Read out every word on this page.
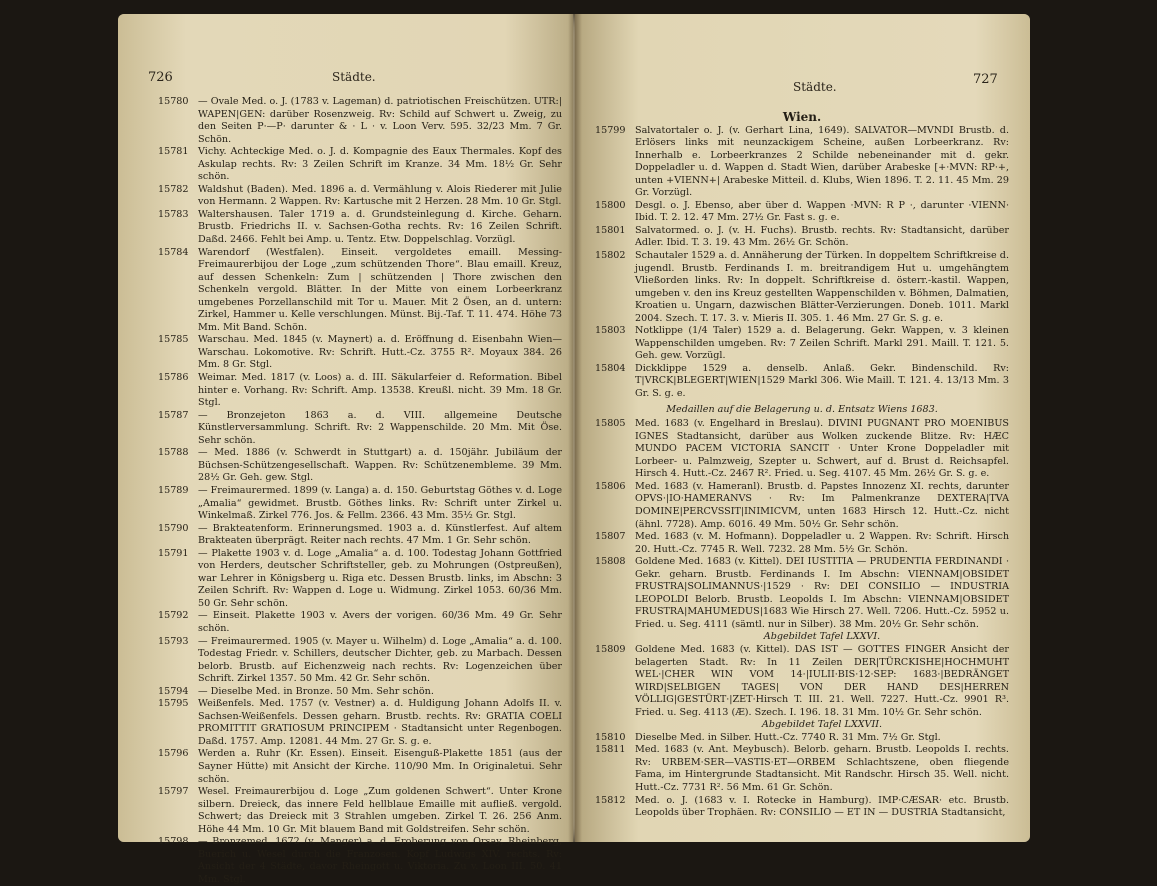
726	Städte.
15780 — Ovale Med. o. J. (1783 v. Lageman) d. patriotischen Freischützen. UTR:| WAPEN|GEN: darüber Rosenzweig. Rv: Schild auf Schwert u. Zweig, zu den Seiten P·—P· darunter & · L · v. Loon Verv. 595. 32/23 Mm. 7 Gr. Schön.
15781 Vichy. Achteckige Med. o. J. d. Kompagnie des Eaux Thermales. Kopf des Askulap rechts. Rv: 3 Zeilen Schrift im Kranze. 34 Mm. 18½ Gr. Sehr schön.
15782 Waldshut (Baden). Med. 1896 a. d. Vermählung v. Alois Riederer mit Julie von Hermann. 2 Wappen. Rv: Kartusche mit 2 Herzen. 28 Mm. 10 Gr. Stgl.
15783 Waltershausen. Taler 1719 a. d. Grundsteinlegung d. Kirche. Geharn. Brustb. Friedrichs II. v. Sachsen-Gotha rechts. Rv: 16 Zeilen Schrift. Daßd. 2466. Fehlt bei Amp. u. Tentz. Etw. Doppelschlag. Vorzügl.
15784 Warendorf (Westfalen). Einseit. vergoldetes emaill. Messing-Freimaurerbijou der Loge „zum schützenden Thore“. Blau emaill. Kreuz, auf dessen Schenkeln: Zum | schützenden | Thore zwischen den Schenkeln vergold. Blätter. In der Mitte von einem Lorbeerkranz umgebenes Porzellanschild mit Tor u. Mauer. Mit 2 Ösen, an d. untern: Zirkel, Hammer u. Kelle verschlungen. Münst. Bij.-Taf. T. 11. 474. Höhe 73 Mm. Mit Band. Schön.
15785 Warschau. Med. 1845 (v. Maynert) a. d. Eröffnung d. Eisenbahn Wien—Warschau. Lokomotive. Rv: Schrift. Hutt.-Cz. 3755 R². Moyaux 384. 26 Mm. 8 Gr. Stgl.
15786 Weimar. Med. 1817 (v. Loos) a. d. III. Säkularfeier d. Reformation. Bibel hinter e. Vorhang. Rv: Schrift. Amp. 13538. Kreußl. nicht. 39 Mm. 18 Gr. Stgl.
15787 — Bronzejeton 1863 a. d. VIII. allgemeine Deutsche Künstlerversammlung. Schrift. Rv: 2 Wappenschilde. 20 Mm. Mit Öse. Sehr schön.
15788 — Med. 1886 (v. Schwerdt in Stuttgart) a. d. 150jähr. Jubiläum der Büchsen-Schützengesellschaft. Wappen. Rv: Schützenembleme. 39 Mm. 28½ Gr. Geh. gew. Stgl.
15789 — Freimaurermed. 1899 (v. Langa) a. d. 150. Geburtstag Göthes v. d. Loge „Amalia“ gewidmet. Brustb. Göthes links. Rv: Schrift unter Zirkel u. Winkelmaß. Zirkel 776. Jos. & Fellm. 2366. 43 Mm. 35½ Gr. Stgl.
15790 — Brakteatenform. Erinnerungsmed. 1903 a. d. Künstlerfest. Auf altem Brakteaten überprägt. Reiter nach rechts. 47 Mm. 1 Gr. Sehr schön.
15791 — Plakette 1903 v. d. Loge „Amalia“ a. d. 100. Todestag Johann Gottfried von Herders, deutscher Schriftsteller, geb. zu Mohrungen (Ostpreußen), war Lehrer in Königsberg u. Riga etc. Dessen Brustb. links, im Abschn: 3 Zeilen Schrift. Rv: Wappen d. Loge u. Widmung. Zirkel 1053. 60/36 Mm. 50 Gr. Sehr schön.
15792 — Einseit. Plakette 1903 v. Avers der vorigen. 60/36 Mm. 49 Gr. Sehr schön.
15793 — Freimaurermed. 1905 (v. Mayer u. Wilhelm) d. Loge „Amalia“ a. d. 100. Todestag Friedr. v. Schillers, deutscher Dichter, geb. zu Marbach. Dessen belorb. Brustb. auf Eichenzweig nach rechts. Rv: Logenzeichen über Schrift. Zirkel 1357. 50 Mm. 42 Gr. Sehr schön.
15794 — Dieselbe Med. in Bronze. 50 Mm. Sehr schön.
15795 Weißenfels. Med. 1757 (v. Vestner) a. d. Huldigung Johann Adolfs II. v. Sachsen-Weißenfels. Dessen geharn. Brustb. rechts. Rv: GRATIA COELI PROMITTIT GRATIOSUM PRINCIPEM · Stadtansicht unter Regenbogen. Daßd. 1757. Amp. 12081. 44 Mm. 27 Gr. S. g. e.
15796 Werden a. Ruhr (Kr. Essen). Einseit. Eisenguß-Plakette 1851 (aus der Sayner Hütte) mit Ansicht der Kirche. 110/90 Mm. In Originaletui. Sehr schön.
15797 Wesel. Freimaurerbijou d. Loge „Zum goldenen Schwert“. Unter Krone silbern. Dreieck, das innere Feld hellblaue Emaille mit aufließ. vergold. Schwert; das Dreieck mit 3 Strahlen umgeben. Zirkel T. 26. 256 Anm. Höhe 44 Mm. 10 Gr. Mit blauem Band mit Goldstreifen. Sehr schön.
15798 — Bronzemed. 1672 (v. Manger) a. d. Eroberung von Orsay, Rheinberg, Buerich u. Wesel durch die Franzosen. Kopf Ludwigs XIV. rechts. Rv: Ansicht der 4 Städte, davor Rheingott u. Viktoria. Zu v. Loon III. 50. 41 Mm. Stgl.
Städte.	727
Wien.
15799 Salvatortaler o. J. (v. Gerhart Lina, 1649). SALVATOR—MVNDI Brustb. d. Erlösers links mit neunzackigem Scheine, außen Lorbeerkranz. Rv: Innerhalb e. Lorbeerkranzes 2 Schilde nebeneinander mit d. gekr. Doppeladler u. d. Wappen d. Stadt Wien, darüber Arabeske [+·MVN: RP·+, unten +VIENN+| Arabeske Mitteil. d. Klubs, Wien 1896. T. 2. 11. 45 Mm. 29 Gr. Vorzügl.
15800 Desgl. o. J. Ebenso, aber über d. Wappen ·MVN: R P ·, darunter ·VIENN· Ibid. T. 2. 12. 47 Mm. 27½ Gr. Fast s. g. e.
15801 Salvatormed. o. J. (v. H. Fuchs). Brustb. rechts. Rv: Stadtansicht, darüber Adler. Ibid. T. 3. 19. 43 Mm. 26½ Gr. Schön.
15802 Schautaler 1529 a. d. Annäherung der Türken. In doppeltem Schriftkreise d. jugendl. Brustb. Ferdinands I. m. breitrandigem Hut u. umgehängtem Vließorden links. Rv: In doppelt. Schriftkreise d. österr.-kastil. Wappen, umgeben v. den ins Kreuz gestellten Wappenschilden v. Böhmen, Dalmatien, Kroatien u. Ungarn, dazwischen Blätter-Verzierungen. Doneb. 1011. Markl 2004. Szech. T. 17. 3. v. Mieris II. 305. 1. 46 Mm. 27 Gr. S. g. e.
15803 Notklippe (1/4 Taler) 1529 a. d. Belagerung. Gekr. Wappen, v. 3 kleinen Wappenschilden umgeben. Rv: 7 Zeilen Schrift. Markl 291. Maill. T. 121. 5. Geh. gew. Vorzügl.
15804 Dickklippe 1529 a. denselb. Anlaß. Gekr. Bindenschild. Rv: T|VRCK|BLEGERT|WIEN|1529 Markl 306. Wie Maill. T. 121. 4. 13/13 Mm. 3 Gr. S. g. e.
Medaillen auf die Belagerung u. d. Entsatz Wiens 1683.
15805 Med. 1683 (v. Engelhard in Breslau). DIVINI PUGNANT PRO MOENIBUS IGNES Stadtansicht, darüber aus Wolken zuckende Blitze. Rv: HÆC MUNDO PACEM VICTORIA SANCIT · Unter Krone Doppeladler mit Lorbeer- u. Palmzweig, Szepter u. Schwert, auf d. Brust d. Reichsapfel. Hirsch 4. Hutt.-Cz. 2467 R². Fried. u. Seg. 4107. 45 Mm. 26½ Gr. S. g. e.
15806 Med. 1683 (v. Hameranl). Brustb. d. Papstes Innozenz XI. rechts, darunter OPVS·|IO·HAMERANVS · Rv: Im Palmenkranze DEXTERA|TVA DOMINE|PERCVSSIT|INIMICVM, unten 1683 Hirsch 12. Hutt.-Cz. nicht (ähnl. 7728). Amp. 6016. 49 Mm. 50½ Gr. Sehr schön.
15807 Med. 1683 (v. M. Hofmann). Doppeladler u. 2 Wappen. Rv: Schrift. Hirsch 20. Hutt.-Cz. 7745 R. Well. 7232. 28 Mm. 5½ Gr. Schön.
15808 Goldene Med. 1683 (v. Kittel). DEI IUSTITIA — PRUDENTIA FERDINANDI · Gekr. geharn. Brustb. Ferdinands I. Im Abschn: VIENNAM|OBSIDET FRUSTRA|SOLIMANNUS·|1529 · Rv: DEI CONSILIO — INDUSTRIA LEOPOLDI Belorb. Brustb. Leopolds I. Im Abschn: VIENNAM|OBSIDET FRUSTRA|MAHUMEDUS|1683 Wie Hirsch 27. Well. 7206. Hutt.-Cz. 5952 u. Fried. u. Seg. 4111 (sämtl. nur in Silber). 38 Mm. 20½ Gr. Sehr schön.
Abgebildet Tafel LXXVI.
15809 Goldene Med. 1683 (v. Kittel). DAS IST — GOTTES FINGER Ansicht der belagerten Stadt. Rv: In 11 Zeilen DER|TÜRCKISHE|HOCHMUHT WEL·|CHER WIN VOM 14·|IULII·BIS·12·SEP: 1683·|BEDRÄNGET WIRD|SELBIGEN TAGES| VON DER HAND DES|HERREN VÖLLIG|GESTÜRT·|ZET·Hirsch T. III. 21. Well. 7227. Hutt.-Cz. 9901 R³. Fried. u. Seg. 4113 (Æ). Szech. I. 196. 18. 31 Mm. 10½ Gr. Sehr schön.
Abgebildet Tafel LXXVII.
15810 Dieselbe Med. in Silber. Hutt.-Cz. 7740 R. 31 Mm. 7½ Gr. Stgl.
15811 Med. 1683 (v. Ant. Meybusch). Belorb. geharn. Brustb. Leopolds I. rechts. Rv: URBEM·SER—VASTIS·ET—ORBEM Schlachtszene, oben fliegende Fama, im Hintergrunde Stadtansicht. Mit Randschr. Hirsch 35. Well. nicht. Hutt.-Cz. 7731 R². 56 Mm. 61 Gr. Schön.
15812 Med. o. J. (1683 v. I. Rotecke in Hamburg). IMP·CÆSAR· etc. Brustb. Leopolds über Trophäen. Rv: CONSILIO — ET IN — DUSTRIA Stadtansicht,
